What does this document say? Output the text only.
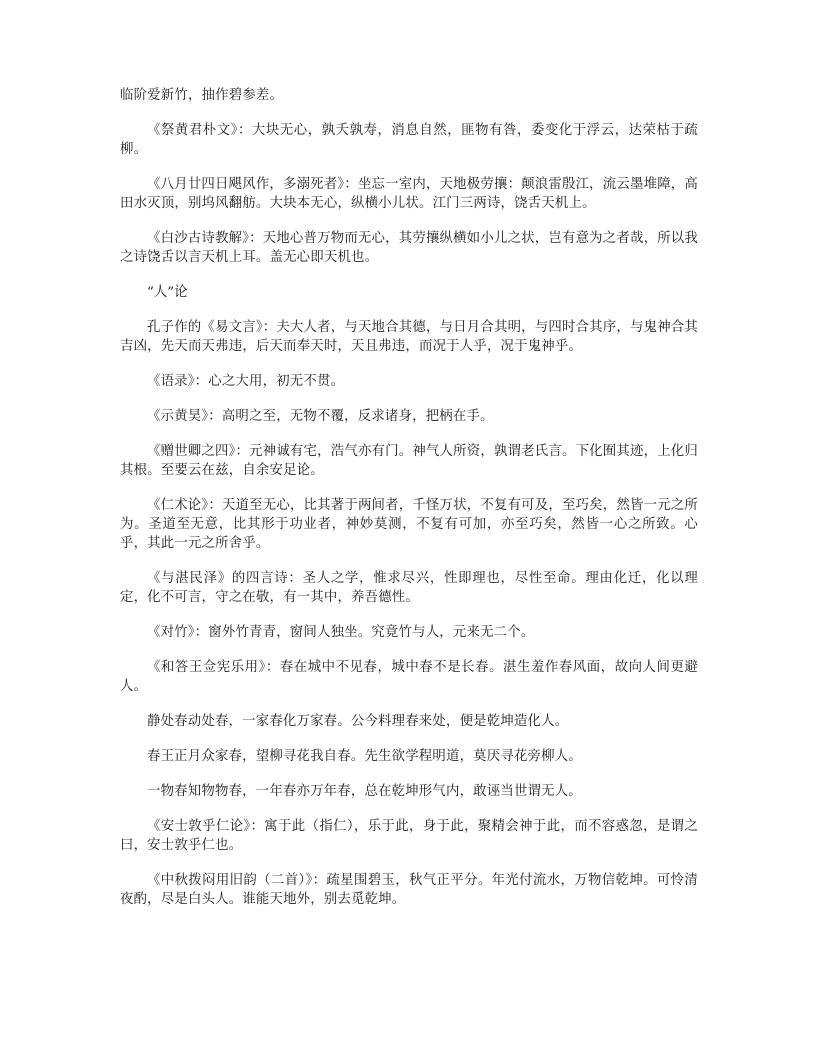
临阶爱新竹，抽作碧参差。

《祭黄君朴文》：大块无心，孰夭孰寿，消息自然，匪物有咎，委变化于浮云，达荣枯于疏柳。

《八月廿四日飓风作，多溺死者》：坐忘一室内，天地极劳攘：颠浪雷殷江，流云墨堆障，高田水灭顶，别坞风翻舫。大块本无心，纵横小儿状。江门三两诗，饶舌天机上。

《白沙古诗教解》：天地心普万物而无心，其劳攘纵横如小儿之状，岂有意为之者哉，所以我之诗饶舌以言天机上耳。盖无心即天机也。

“人”论

孔子作的《易文言》：夫大人者，与天地合其德，与日月合其明，与四时合其序，与鬼神合其吉凶，先天而天弗违，后天而奉天时，天且弗违，而况于人乎，况于鬼神乎。

《语录》：心之大用，初无不贯。

《示黄昊》：高明之至，无物不覆，反求诸身，把柄在手。

《赠世卿之四》：元神诚有宅，浩气亦有门。神气人所资，孰谓老氏言。下化囿其迹，上化归其根。至要云在兹，自余安足论。

《仁术论》：天道至无心，比其著于两间者，千怪万状，不复有可及，至巧矣，然皆一元之所为。圣道至无意，比其形于功业者，神妙莫测，不复有可加，亦至巧矣，然皆一心之所致。心乎，其此一元之所舍乎。

《与湛民泽》的四言诗：圣人之学，惟求尽兴，性即理也，尽性至命。理由化迁，化以理定，化不可言，守之在敬，有一其中，养吾德性。

《对竹》：窗外竹青青，窗间人独坐。究竟竹与人，元来无二个。

《和答王佥宪乐用》：春在城中不见春，城中春不是长春。湛生羞作春风面，故向人间更避人。

静处春动处春，一家春化万家春。公今料理春来处，便是乾坤造化人。

春王正月众家春，望柳寻花我自春。先生欲学程明道，莫厌寻花旁柳人。

一物春知物物春，一年春亦万年春，总在乾坤形气内，敢诬当世谓无人。

《安士敦乎仁论》：寓于此（指仁），乐于此，身于此，聚精会神于此，而不容惑忽，是谓之曰，安士敦乎仁也。

《中秋拨闷用旧韵（二首）》：疏星围碧玉，秋气正平分。年光付流水，万物信乾坤。可怜清夜酌，尽是白头人。谁能天地外，别去觅乾坤。
